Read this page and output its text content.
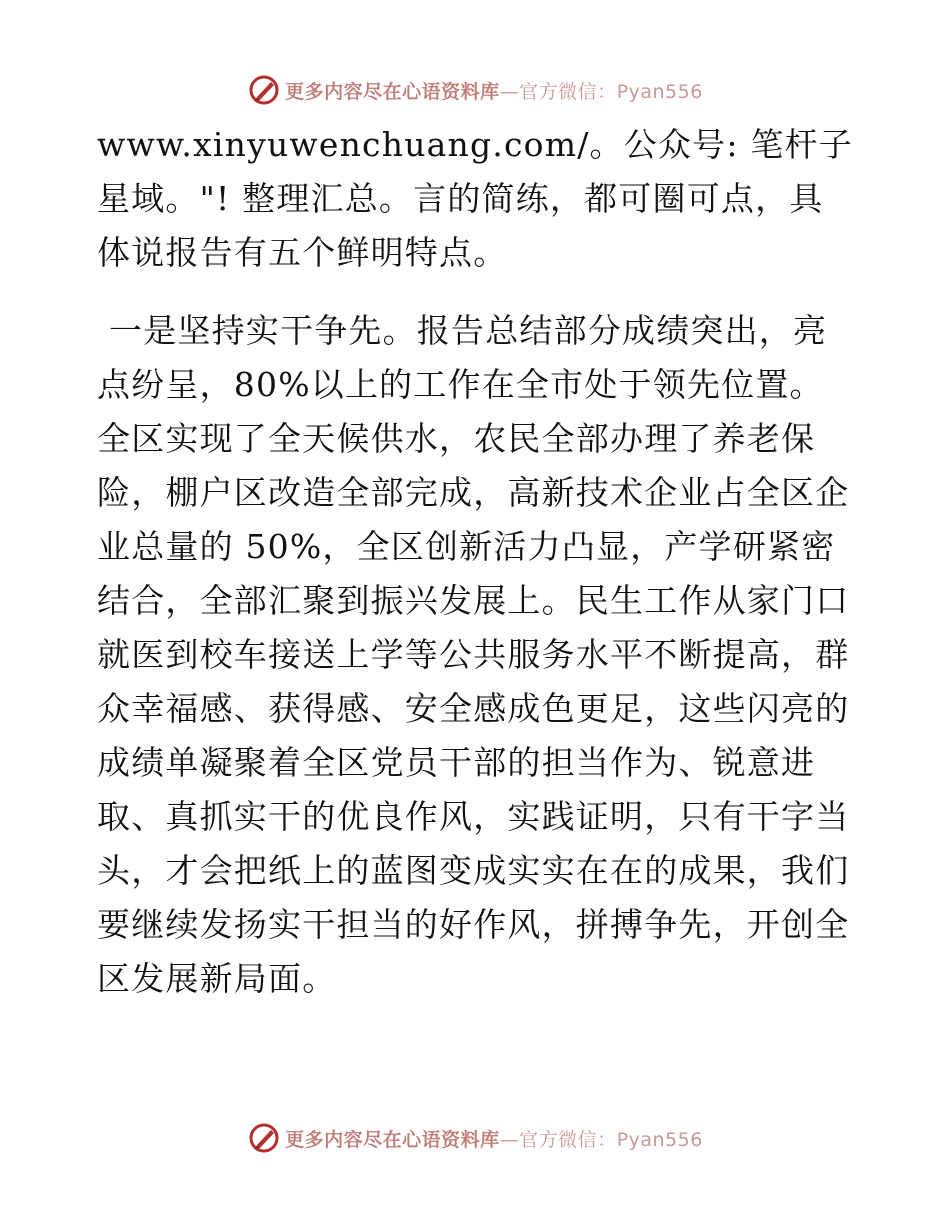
更多内容尽在心语资料库—官方微信：Pyan556

www.xinyuwenchuang.com/。公众号: 笔杆子星域。"! 整理汇总。言的简练，都可圈可点，具体说报告有五个鲜明特点。

一是坚持实干争先。报告总结部分成绩突出，亮点纷呈，80%以上的工作在全市处于领先位置。全区实现了全天候供水，农民全部办理了养老保险，棚户区改造全部完成，高新技术企业占全区企业总量的 50%，全区创新活力凸显，产学研紧密结合，全部汇聚到振兴发展上。民生工作从家门口就医到校车接送上学等公共服务水平不断提高，群众幸福感、获得感、安全感成色更足，这些闪亮的成绩单凝聚着全区党员干部的担当作为、锐意进取、真抓实干的优良作风，实践证明，只有干字当头，才会把纸上的蓝图变成实实在在的成果，我们要继续发扬实干担当的好作风，拼搏争先，开创全区发展新局面。

更多内容尽在心语资料库—官方微信：Pyan556
